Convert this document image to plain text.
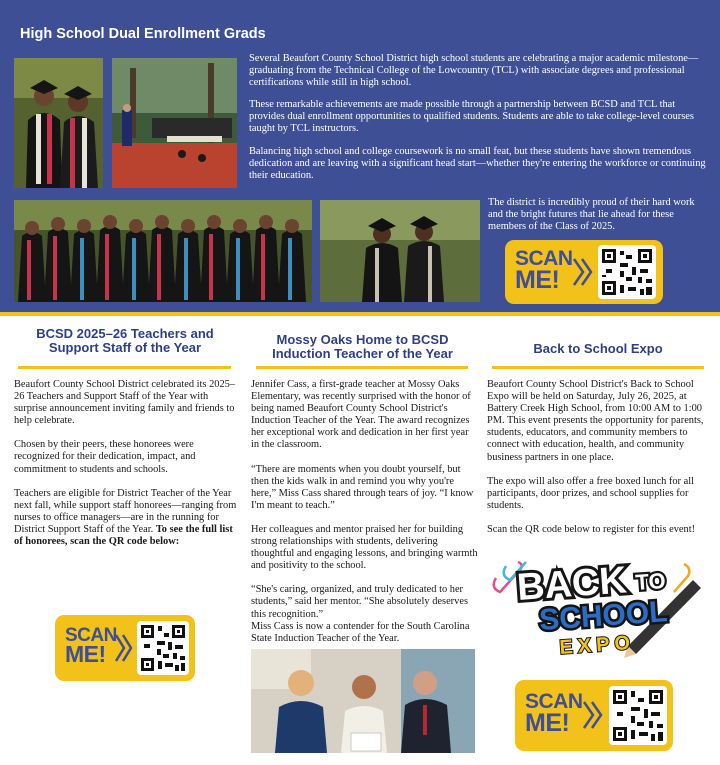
High School Dual Enrollment Grads
Several Beaufort County School District high school students are celebrating a major academic milestone—graduating from the Technical College of the Lowcountry (TCL) with associate degrees and professional certifications while still in high school.
These remarkable achievements are made possible through a partnership between BCSD and TCL that provides dual enrollment opportunities to qualified students. Students are able to take college-level courses taught by TCL instructors.
Balancing high school and college coursework is no small feat, but these students have shown tremendous dedication and are leaving with a significant head start—whether they're entering the workforce or continuing their education.
The district is incredibly proud of their hard work and the bright futures that lie ahead for these members of the Class of 2025.
SCAN
ME!
BCSD 2025–26 Teachers and Support Staff of the Year

Beaufort County School District celebrated its 2025–26 Teachers and Support Staff of the Year with surprise announcement inviting family and friends to help celebrate.

Chosen by their peers, these honorees were recognized for their dedication, impact, and commitment to students and schools.

Teachers are eligible for District Teacher of the Year next fall, while support staff honorees—ranging from nurses to office managers—are in the running for District Support Staff of the Year. To see the full list of honorees, scan the QR code below:

SCAN
ME!
Mossy Oaks Home to BCSD Induction Teacher of the Year

Jennifer Cass, a first-grade teacher at Mossy Oaks Elementary, was recently surprised with the honor of being named Beaufort County School District's Induction Teacher of the Year. The award recognizes her exceptional work and dedication in her first year in the classroom.

“There are moments when you doubt yourself, but then the kids walk in and remind you why you're here,” Miss Cass shared through tears of joy. “I know I'm meant to teach.”

Her colleagues and mentor praised her for building strong relationships with students, delivering thoughtful and engaging lessons, and bringing warmth and positivity to the school.

“She's caring, organized, and truly dedicated to her students,” said her mentor. “She absolutely deserves this recognition.”
Miss Cass is now a contender for the South Carolina State Induction Teacher of the Year.

Back to School Expo

Beaufort County School District's Back to School Expo will be held on Saturday, July 26, 2025, at Battery Creek High School, from 10:00 AM to 1:00 PM. This event presents the opportunity for parents, students, educators, and community members to connect with education, health, and community business partners in one place.

The expo will also offer a free boxed lunch for all participants, door prizes, and school supplies for students.

Scan the QR code below to register for this event!

BACK TO
SCHOOL
EXPO
SCAN
ME!
